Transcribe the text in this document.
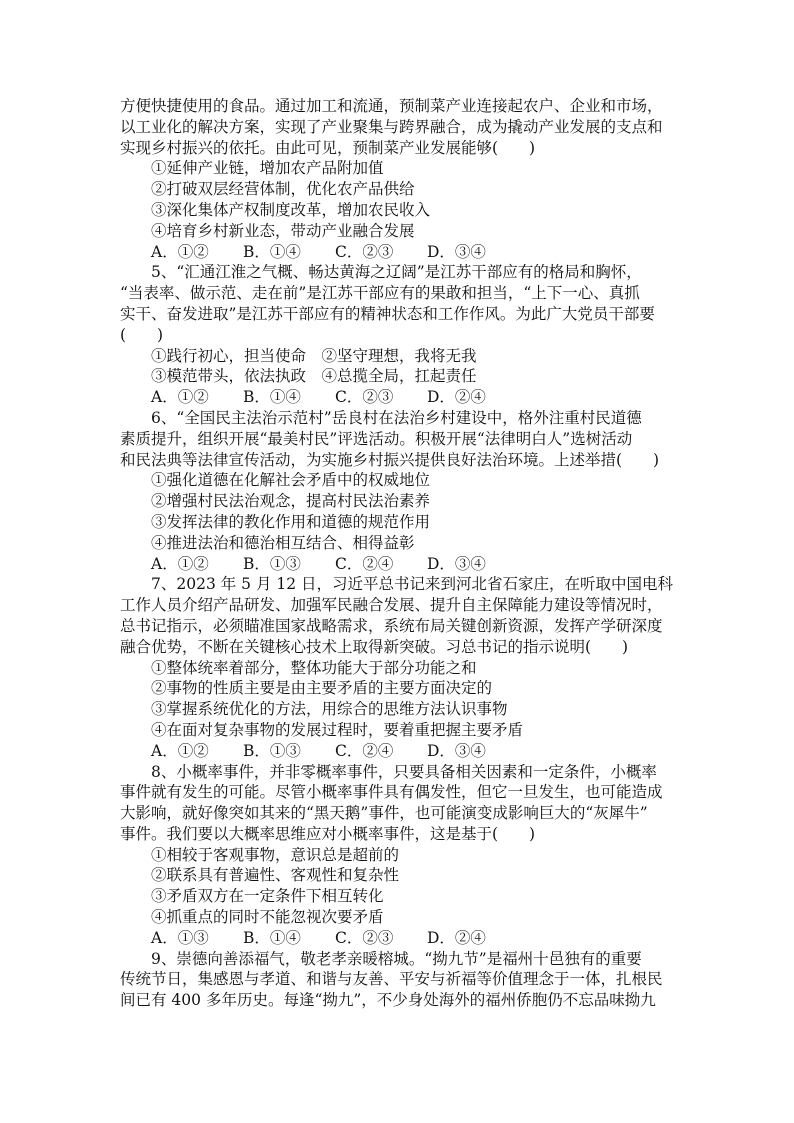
方便快捷使用的食品。通过加工和流通，预制菜产业连接起农户、企业和市场，

以工业化的解决方案，实现了产业聚集与跨界融合，成为撬动产业发展的支点和

实现乡村振兴的依托。由此可见，预制菜产业发展能够(　　)

①延伸产业链，增加农产品附加值

②打破双层经营体制，优化农产品供给

③深化集体产权制度改革，增加农民收入

④培育乡村新业态，带动产业融合发展

A．①② B．①④ C．②③ D．③④

5、“汇通江淮之气概、畅达黄海之辽阔”是江苏干部应有的格局和胸怀，

“当表率、做示范、走在前”是江苏干部应有的果敢和担当，“上下一心、真抓

实干、奋发进取”是江苏干部应有的精神状态和工作作风。为此广大党员干部要

(　　)

①践行初心，担当使命　②坚守理想，我将无我

③模范带头，依法执政　④总揽全局，扛起责任

A．①② B．①④ C．②③ D．②④

6、“全国民主法治示范村”岳良村在法治乡村建设中，格外注重村民道德

素质提升，组织开展“最美村民”评选活动。积极开展“法律明白人”选树活动

和民法典等法律宣传活动，为实施乡村振兴提供良好法治环境。上述举措(　　)

①强化道德在化解社会矛盾中的权威地位

②增强村民法治观念，提高村民法治素养

③发挥法律的教化作用和道德的规范作用

④推进法治和德治相互结合、相得益彰

A．①② B．①③ C．②④ D．③④

7、2023 年 5 月 12 日，习近平总书记来到河北省石家庄，在听取中国电科

工作人员介绍产品研发、加强军民融合发展、提升自主保障能力建设等情况时，

总书记指示，必须瞄准国家战略需求，系统布局关键创新资源，发挥产学研深度

融合优势，不断在关键核心技术上取得新突破。习总书记的指示说明(　　)

①整体统率着部分，整体功能大于部分功能之和

②事物的性质主要是由主要矛盾的主要方面决定的

③掌握系统优化的方法，用综合的思维方法认识事物

④在面对复杂事物的发展过程时，要着重把握主要矛盾

A．①② B．①③ C．②④ D．③④

8、小概率事件，并非零概率事件，只要具备相关因素和一定条件，小概率

事件就有发生的可能。尽管小概率事件具有偶发性，但它一旦发生，也可能造成

大影响，就好像突如其来的“黑天鹅”事件，也可能演变成影响巨大的“灰犀牛”

事件。我们要以大概率思维应对小概率事件，这是基于(　　)

①相较于客观事物，意识总是超前的

②联系具有普遍性、客观性和复杂性

③矛盾双方在一定条件下相互转化

④抓重点的同时不能忽视次要矛盾

A．①③ B．①④ C．②③ D．②④

9、崇德向善添福气，敬老孝亲暖榕城。“拗九节”是福州十邑独有的重要

传统节日，集感恩与孝道、和谐与友善、平安与祈福等价值理念于一体，扎根民

间已有 400 多年历史。每逢“拗九”，不少身处海外的福州侨胞仍不忘品味拗九
